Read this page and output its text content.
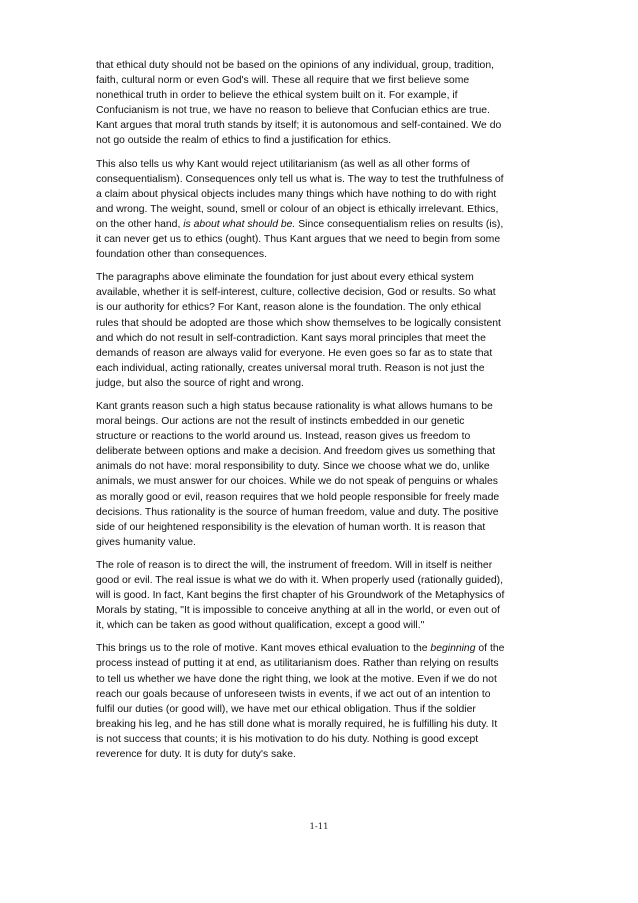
that ethical duty should not be based on the opinions of any individual, group, tradition,
faith, cultural norm or even God's will. These all require that we first believe some
nonethical truth in order to believe the ethical system built on it. For example, if
Confucianism is not true, we have no reason to believe that Confucian ethics are true.
Kant argues that moral truth stands by itself; it is autonomous and self-contained. We do
not go outside the realm of ethics to find a justification for ethics.

This also tells us why Kant would reject utilitarianism (as well as all other forms of
consequentialism). Consequences only tell us what is. The way to test the truthfulness of
a claim about physical objects includes many things which have nothing to do with right
and wrong. The weight, sound, smell or colour of an object is ethically irrelevant. Ethics,
on the other hand, is about what should be. Since consequentialism relies on results (is),
it can never get us to ethics (ought). Thus Kant argues that we need to begin from some
foundation other than consequences.

The paragraphs above eliminate the foundation for just about every ethical system
available, whether it is self-interest, culture, collective decision, God or results. So what
is our authority for ethics? For Kant, reason alone is the foundation. The only ethical
rules that should be adopted are those which show themselves to be logically consistent
and which do not result in self-contradiction. Kant says moral principles that meet the
demands of reason are always valid for everyone. He even goes so far as to state that
each individual, acting rationally, creates universal moral truth. Reason is not just the
judge, but also the source of right and wrong.

Kant grants reason such a high status because rationality is what allows humans to be
moral beings. Our actions are not the result of instincts embedded in our genetic
structure or reactions to the world around us. Instead, reason gives us freedom to
deliberate between options and make a decision. And freedom gives us something that
animals do not have: moral responsibility to duty. Since we choose what we do, unlike
animals, we must answer for our choices. While we do not speak of penguins or whales
as morally good or evil, reason requires that we hold people responsible for freely made
decisions. Thus rationality is the source of human freedom, value and duty. The positive
side of our heightened responsibility is the elevation of human worth. It is reason that
gives humanity value.

The role of reason is to direct the will, the instrument of freedom. Will in itself is neither
good or evil. The real issue is what we do with it. When properly used (rationally guided),
will is good. In fact, Kant begins the first chapter of his Groundwork of the Metaphysics of
Morals by stating, "It is impossible to conceive anything at all in the world, or even out of
it, which can be taken as good without qualification, except a good will."

This brings us to the role of motive. Kant moves ethical evaluation to the beginning of the
process instead of putting it at end, as utilitarianism does. Rather than relying on results
to tell us whether we have done the right thing, we look at the motive. Even if we do not
reach our goals because of unforeseen twists in events, if we act out of an intention to
fulfil our duties (or good will), we have met our ethical obligation. Thus if the soldier
breaking his leg, and he has still done what is morally required, he is fulfilling his duty. It
is not success that counts; it is his motivation to do his duty. Nothing is good except
reverence for duty. It is duty for duty's sake.

1-11
